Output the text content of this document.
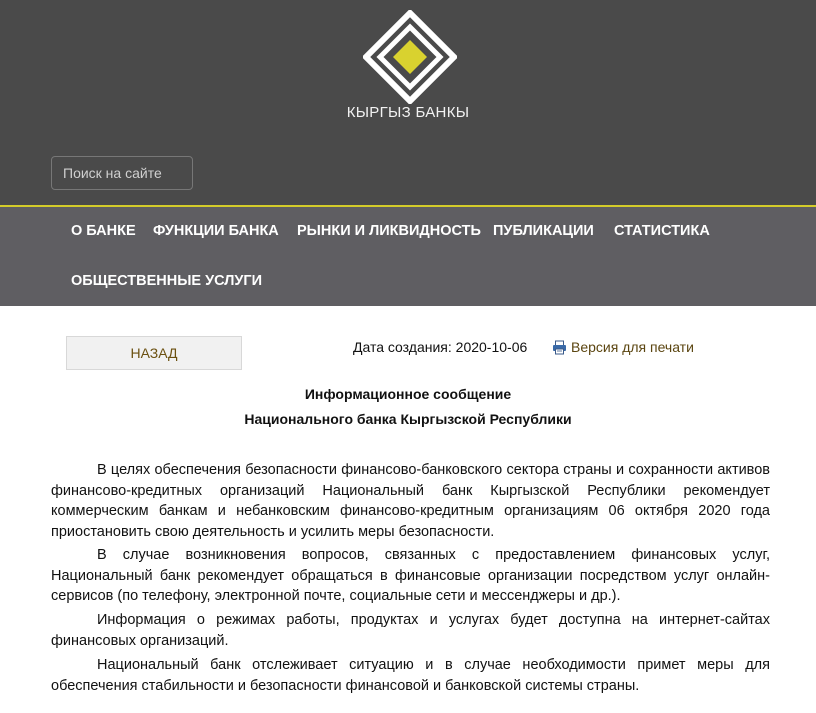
КЫРГЫЗ БАНКЫ
Поиск на сайте
О БАНКЕ ФУНКЦИИ БАНКА РЫНКИ И ЛИКВИДНОСТЬ ПУБЛИКАЦИИ СТАТИСТИКА
ОБЩЕСТВЕННЫЕ УСЛУГИ
НАЗАД	Дата создания: 2020-10-06	Версия для печати
Информационное сообщение
Национального банка Кыргызской Республики

В целях обеспечения безопасности финансово-банковского сектора страны и сохранности активов финансово-кредитных организаций Национальный банк Кыргызской Республики рекомендует коммерческим банкам и небанковским финансово-кредитным организациям 06 октября 2020 года приостановить свою деятельность и усилить меры безопасности.

В случае возникновения вопросов, связанных с предоставлением финансовых услуг, Национальный банк рекомендует обращаться в финансовые организации посредством услуг онлайн-сервисов (по телефону, электронной почте, социальные сети и мессенджеры и др.).

Информация о режимах работы, продуктах и услугах будет доступна на интернет-сайтах финансовых организаций.

Национальный банк отслеживает ситуацию и в случае необходимости примет меры для обеспечения стабильности и безопасности финансовой и банковской системы страны.
